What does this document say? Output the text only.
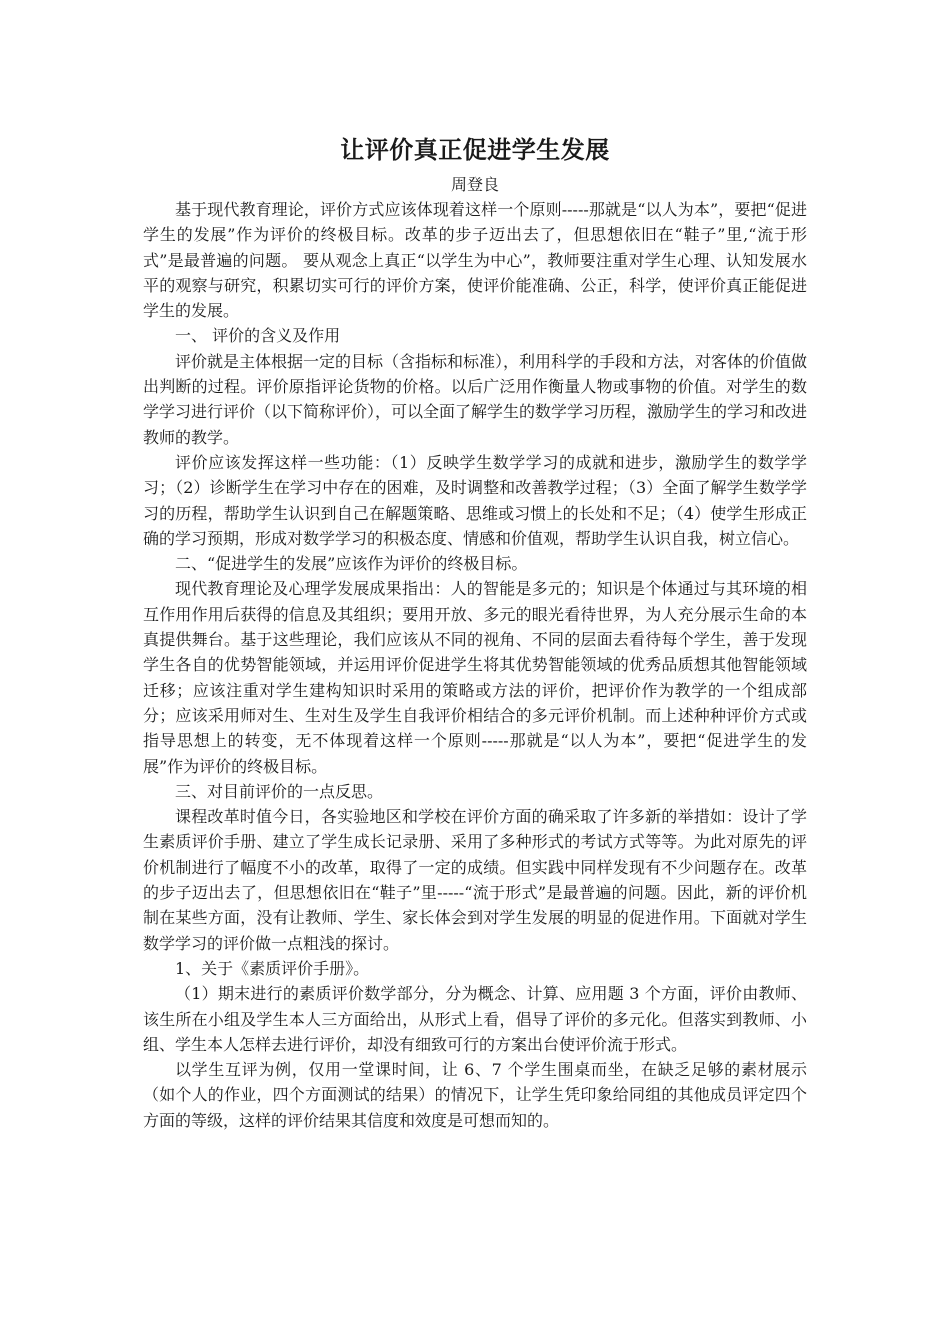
让评价真正促进学生发展
周登良

基于现代教育理论，评价方式应该体现着这样一个原则-----那就是“以人为本”，要把“促进学生的发展”作为评价的终极目标。改革的步子迈出去了，但思想依旧在“鞋子”里,“流于形式”是最普遍的问题。 要从观念上真正“以学生为中心”，教师要注重对学生心理、认知发展水平的观察与研究，积累切实可行的评价方案，使评价能准确、公正，科学，使评价真正能促进学生的发展。

一、 评价的含义及作用

评价就是主体根据一定的目标（含指标和标准），利用科学的手段和方法，对客体的价值做出判断的过程。评价原指评论货物的价格。以后广泛用作衡量人物或事物的价值。对学生的数学学习进行评价（以下简称评价），可以全面了解学生的数学学习历程，激励学生的学习和改进教师的教学。

评价应该发挥这样一些功能：（1）反映学生数学学习的成就和进步，激励学生的数学学习；（2）诊断学生在学习中存在的困难，及时调整和改善教学过程；（3）全面了解学生数学学习的历程，帮助学生认识到自己在解题策略、思维或习惯上的长处和不足；（4）使学生形成正确的学习预期，形成对数学学习的积极态度、情感和价值观，帮助学生认识自我，树立信心。

二、“促进学生的发展”应该作为评价的终极目标。

现代教育理论及心理学发展成果指出：人的智能是多元的；知识是个体通过与其环境的相互作用作用后获得的信息及其组织；要用开放、多元的眼光看待世界，为人充分展示生命的本真提供舞台。基于这些理论，我们应该从不同的视角、不同的层面去看待每个学生，善于发现学生各自的优势智能领域，并运用评价促进学生将其优势智能领域的优秀品质想其他智能领域迁移；应该注重对学生建构知识时采用的策略或方法的评价，把评价作为教学的一个组成部分；应该采用师对生、生对生及学生自我评价相结合的多元评价机制。而上述种种评价方式或指导思想上的转变，无不体现着这样一个原则-----那就是“以人为本”，要把“促进学生的发展”作为评价的终极目标。

三、对目前评价的一点反思。

课程改革时值今日，各实验地区和学校在评价方面的确采取了许多新的举措如：设计了学生素质评价手册、建立了学生成长记录册、采用了多种形式的考试方式等等。为此对原先的评价机制进行了幅度不小的改革，取得了一定的成绩。但实践中同样发现有不少问题存在。改革的步子迈出去了，但思想依旧在“鞋子”里-----“流于形式”是最普遍的问题。因此，新的评价机制在某些方面，没有让教师、学生、家长体会到对学生发展的明显的促进作用。下面就对学生数学学习的评价做一点粗浅的探讨。

1、关于《素质评价手册》。

（1）期末进行的素质评价数学部分，分为概念、计算、应用题 3 个方面，评价由教师、该生所在小组及学生本人三方面给出，从形式上看，倡导了评价的多元化。但落实到教师、小组、学生本人怎样去进行评价，却没有细致可行的方案出台使评价流于形式。

以学生互评为例，仅用一堂课时间，让 6、7 个学生围桌而坐，在缺乏足够的素材展示（如个人的作业，四个方面测试的结果）的情况下，让学生凭印象给同组的其他成员评定四个方面的等级，这样的评价结果其信度和效度是可想而知的。
